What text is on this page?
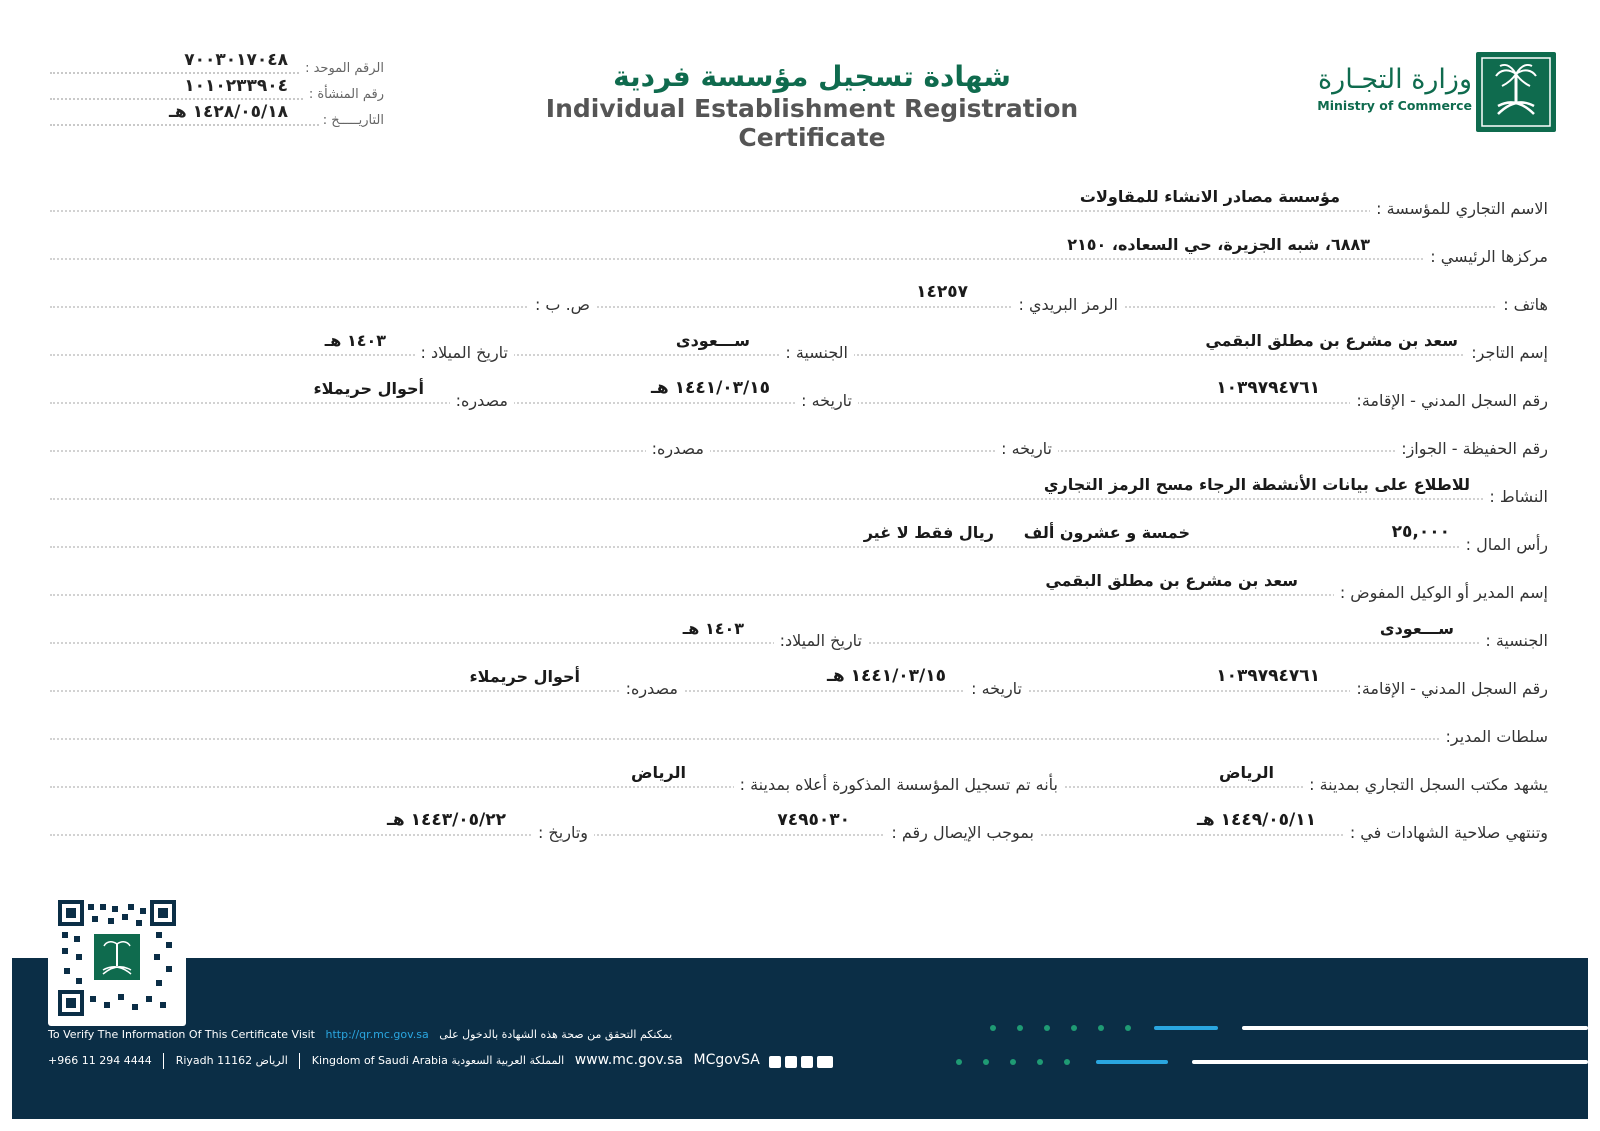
وزارة التجـارة
Ministry of Commerce
شهادة تسجيل مؤسسة فردية
Individual Establishment Registration Certificate
الرقم الموحد :
٧٠٠٣٠١٧٠٤٨
رقم المنشأة :
١٠١٠٢٣٣٩٠٤
التاريـــــخ :
١٤٢٨/٠٥/١٨ هـ
الاسم التجاري للمؤسسة :
مؤسسة مصادر الانشاء للمقاولات
مركزها الرئيسي :
٦٨٨٣، شبه الجزيرة، حي السعاده، ٢١٥٠
هاتف :
الرمز البريدي :
١٤٢٥٧
ص. ب :
إسم التاجر:
سعد بن مشرع بن مطلق البقمي
الجنسية :
ســـعودى
تاريخ الميلاد :
١٤٠٣ هـ
رقم السجل المدني - الإقامة:
١٠٣٩٧٩٤٧٦١
تاريخه :
١٤٤١/٠٣/١٥ هـ
مصدره:
أحوال حريملاء
رقم الحفيظة - الجواز:
تاريخه :
مصدره:
النشاط :
للاطلاع على بيانات الأنشطة الرجاء مسح الرمز التجاري
رأس المال :
٢٥,٠٠٠
خمسة و عشرون ألف
ريال فقط لا غير
إسم المدير أو الوكيل المفوض :
سعد بن مشرع بن مطلق البقمي
الجنسية :
ســـعودى
تاريخ الميلاد:
١٤٠٣ هـ
رقم السجل المدني - الإقامة:
١٠٣٩٧٩٤٧٦١
تاريخه :
١٤٤١/٠٣/١٥ هـ
مصدره:
أحوال حريملاء
سلطات المدير:
يشهد مكتب السجل التجاري بمدينة :
الرياض
بأنه تم تسجيل المؤسسة المذكورة أعلاه بمدينة :
الرياض
وتنتهي صلاحية الشهادات في :
١٤٤٩/٠٥/١١ هـ
بموجب الإيصال رقم :
٧٤٩٥٠٣٠
وتاريخ :
١٤٤٣/٠٥/٢٢ هـ
To Verify The Information Of This Certificate Visit http://qr.mc.gov.sa يمكنكم التحقق من صحة هذه الشهادة بالدخول على
+966 11 294 4444 Riyadh 11162 الرياض Kingdom of Saudi Arabia المملكة العربية السعودية www.mc.gov.sa MCgovSA
